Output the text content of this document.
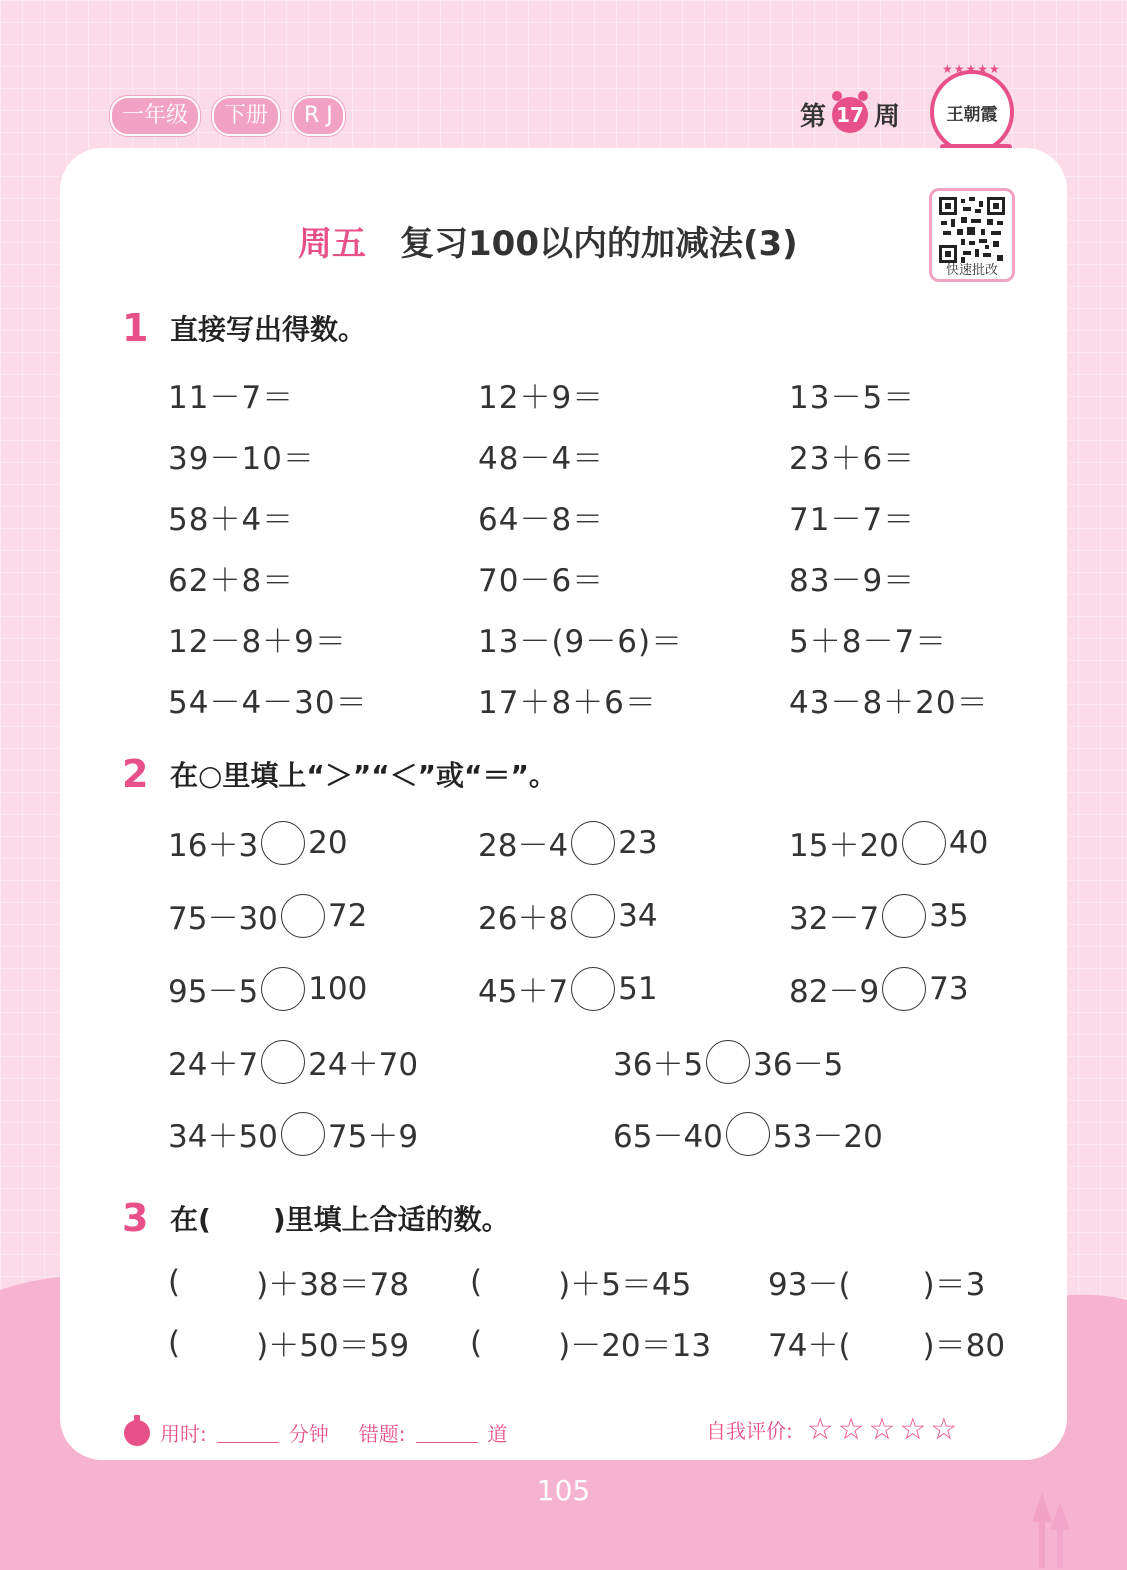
一年级	下册	R J	第 17 周
★★★★★
王朝霞
周五 复习100以内的加减法(3)
快速批改
1 直接写出得数。
11－7＝	12＋9＝	13－5＝
39－10＝	48－4＝	23＋6＝
58＋4＝	64－8＝	71－7＝
62＋8＝	70－6＝	83－9＝
12－8＋9＝	13－(9－6)＝	5＋8－7＝
54－4－30＝	17＋8＋6＝	43－8＋20＝
2 在○里填上“＞”“＜”或“＝”。
16＋3 20	28－4 23	15＋20 40
75－30 72	26＋8 34	32－7 35
95－5 100	45＋7 51	82－9 73
24＋7 24＋70	36＋5 36－5
34＋50 75＋9	65－40 53－20
3 在( )里填上合适的数。
( )＋38＝78 ( )＋5＝45 93－( )＝3
( )＋50＝59 ( )－20＝13 74＋( )＝80
用时:	分钟 错题:	道	自我评价: ☆☆☆☆☆
105
